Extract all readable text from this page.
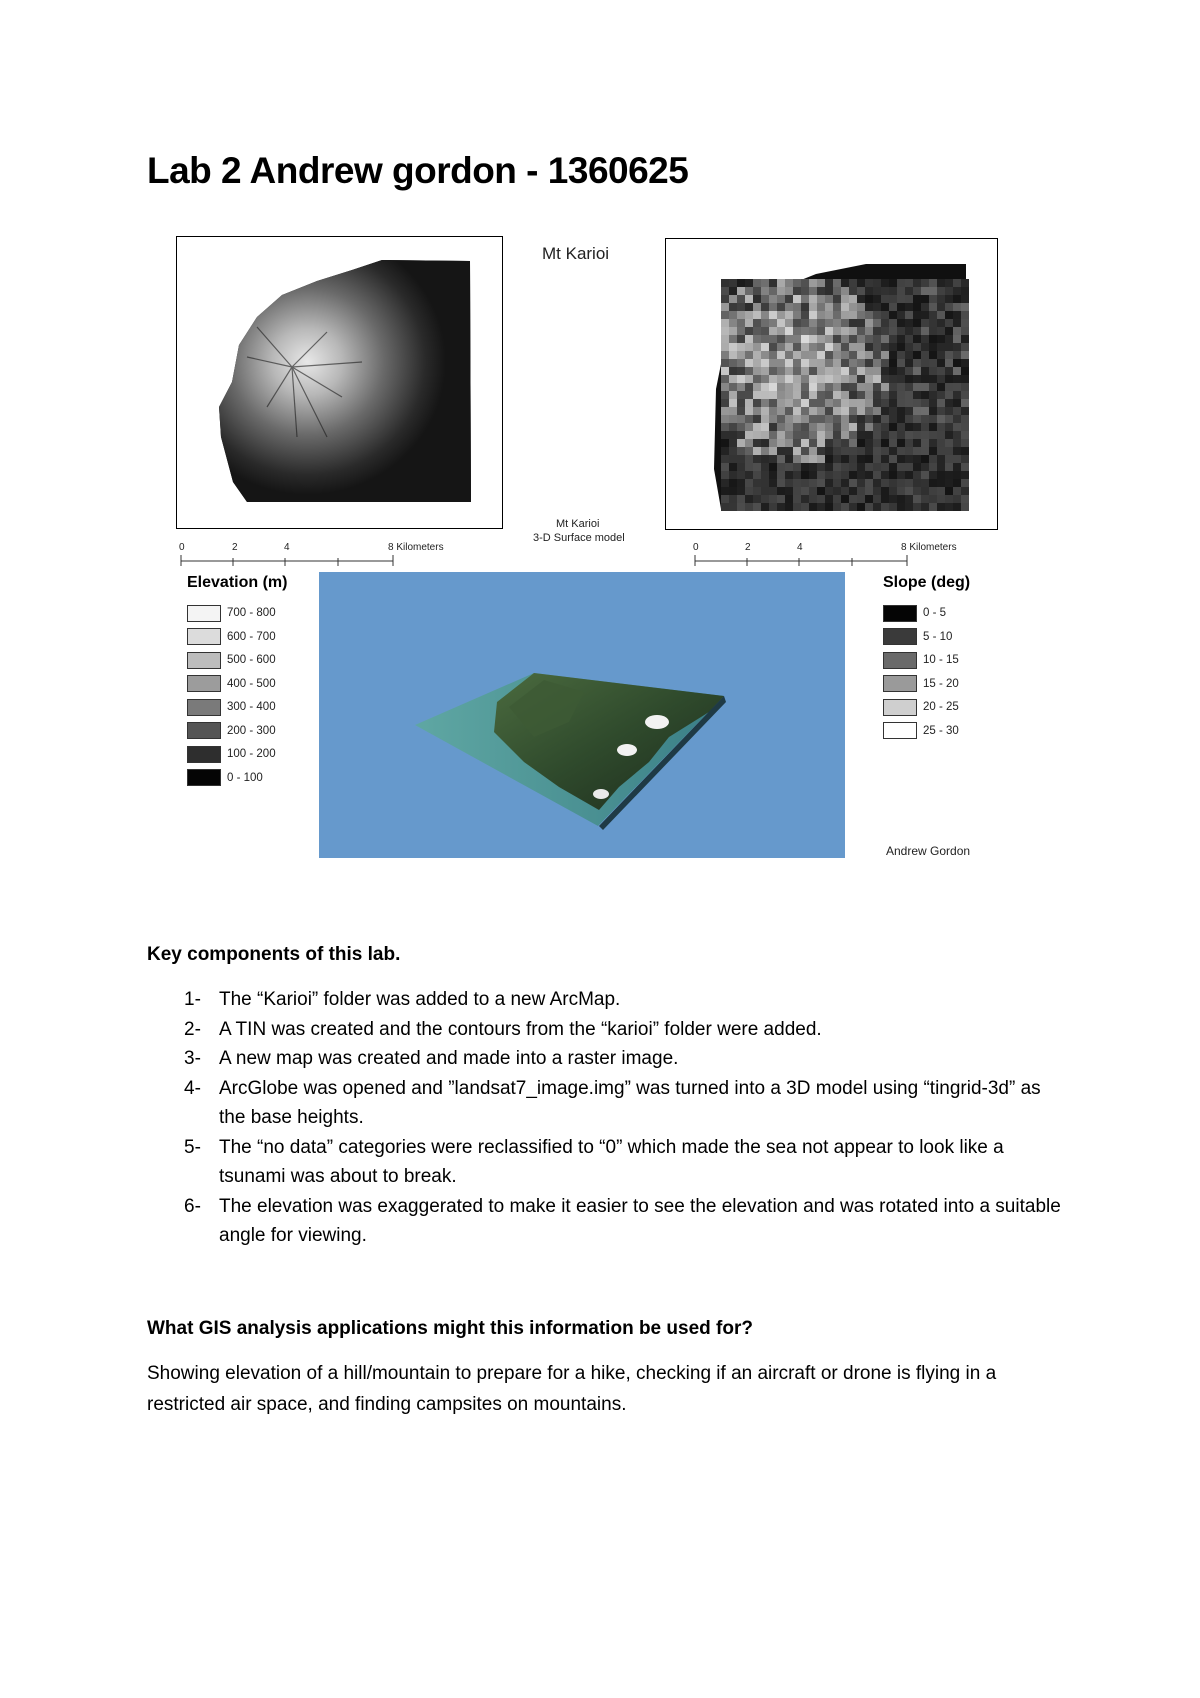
Lab 2 Andrew gordon - 1360625
Mt Karioi
Mt Karioi
3-D Surface model
0	2	4	8 Kilometers	0	2	4	8 Kilometers
Elevation (m)
700 - 800
600 - 700
500 - 600
400 - 500
300 - 400
200 - 300
100 - 200
0 - 100
Slope (deg)
0 - 5
5 - 10
10 - 15
15 - 20
20 - 25
25 - 30
Andrew Gordon
Key components of this lab.
1- The “Karioi” folder was added to a new ArcMap.
2- A TIN was created and the contours from the “karioi” folder were added.
3- A new map was created and made into a raster image.
4- ArcGlobe was opened and ”landsat7_image.img” was turned into a 3D model using “tingrid-3d” as the base heights.
5- The “no data” categories were reclassified to “0” which made the sea not appear to look like a tsunami was about to break.
6- The elevation was exaggerated to make it easier to see the elevation and was rotated into a suitable angle for viewing.
What GIS analysis applications might this information be used for?
Showing elevation of a hill/mountain to prepare for a hike, checking if an aircraft or drone is flying in a restricted air space, and finding campsites on mountains.
